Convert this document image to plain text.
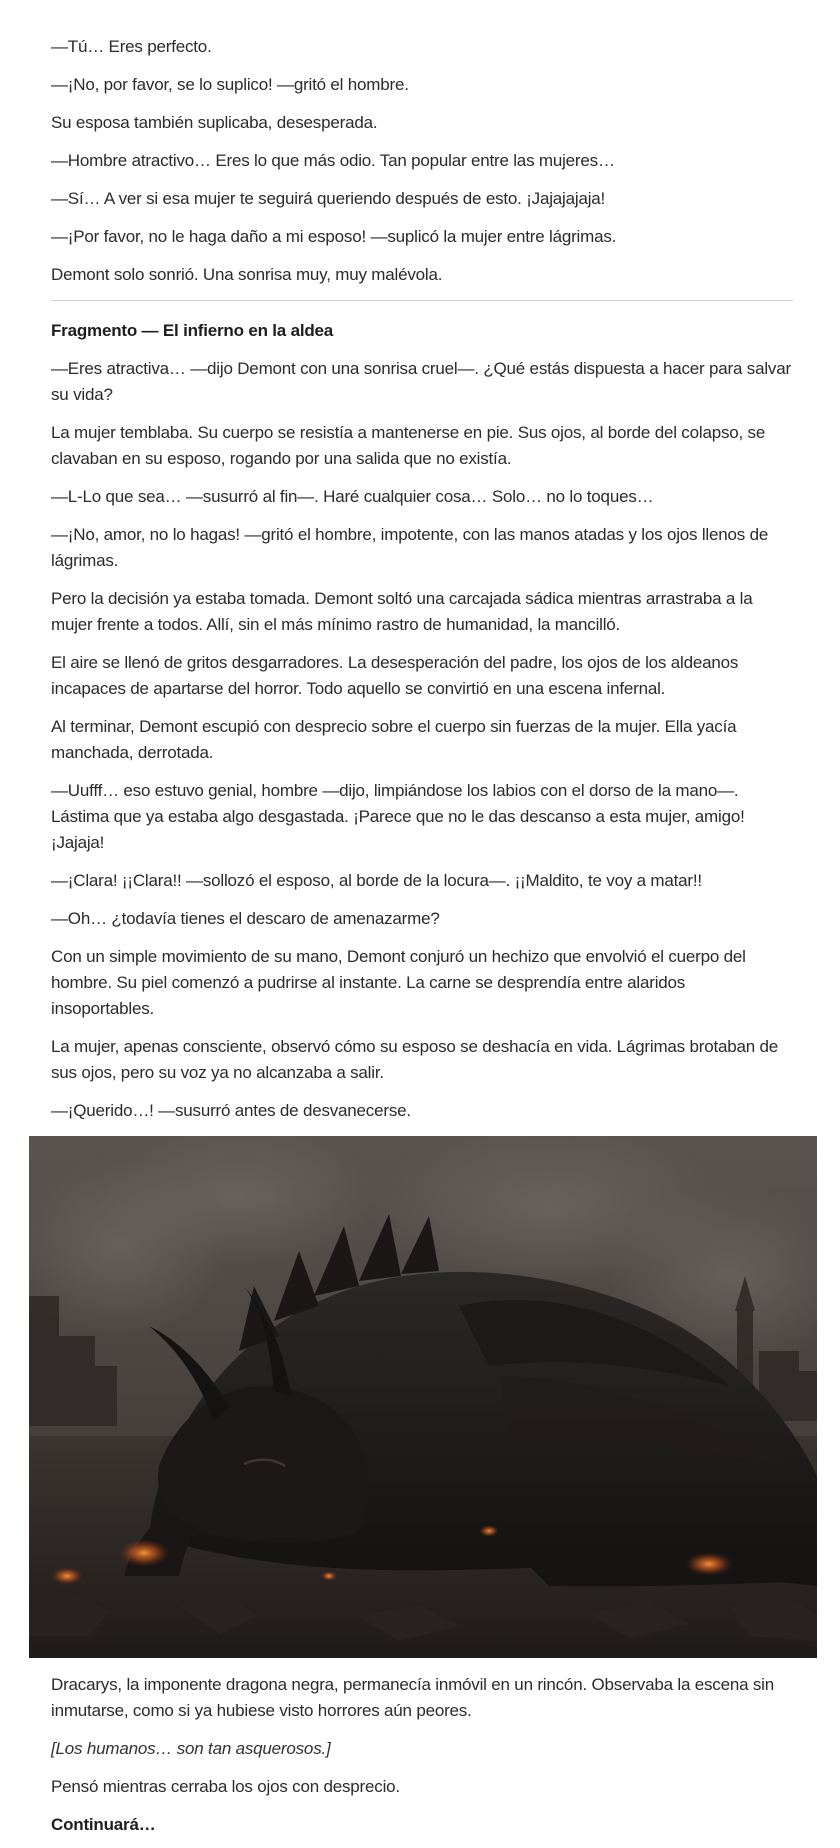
—Tú… Eres perfecto.

—¡No, por favor, se lo suplico! —gritó el hombre.

Su esposa también suplicaba, desesperada.

—Hombre atractivo… Eres lo que más odio. Tan popular entre las mujeres…

—Sí… A ver si esa mujer te seguirá queriendo después de esto. ¡Jajajajaja!

—¡Por favor, no le haga daño a mi esposo! —suplicó la mujer entre lágrimas.

Demont solo sonrió. Una sonrisa muy, muy malévola.

Fragmento — El infierno en la aldea

—Eres atractiva… —dijo Demont con una sonrisa cruel—. ¿Qué estás dispuesta a hacer para salvar su vida?

La mujer temblaba. Su cuerpo se resistía a mantenerse en pie. Sus ojos, al borde del colapso, se clavaban en su esposo, rogando por una salida que no existía.

—L-Lo que sea… —susurró al fin—. Haré cualquier cosa… Solo… no lo toques…

—¡No, amor, no lo hagas! —gritó el hombre, impotente, con las manos atadas y los ojos llenos de lágrimas.

Pero la decisión ya estaba tomada. Demont soltó una carcajada sádica mientras arrastraba a la mujer frente a todos. Allí, sin el más mínimo rastro de humanidad, la mancilló.

El aire se llenó de gritos desgarradores. La desesperación del padre, los ojos de los aldeanos incapaces de apartarse del horror. Todo aquello se convirtió en una escena infernal.

Al terminar, Demont escupió con desprecio sobre el cuerpo sin fuerzas de la mujer. Ella yacía manchada, derrotada.

—Uufff… eso estuvo genial, hombre —dijo, limpiándose los labios con el dorso de la mano—. Lástima que ya estaba algo desgastada. ¡Parece que no le das descanso a esta mujer, amigo! ¡Jajaja!

—¡Clara! ¡¡Clara!! —sollozó el esposo, al borde de la locura—. ¡¡Maldito, te voy a matar!!

—Oh… ¿todavía tienes el descaro de amenazarme?

Con un simple movimiento de su mano, Demont conjuró un hechizo que envolvió el cuerpo del hombre. Su piel comenzó a pudrirse al instante. La carne se desprendía entre alaridos insoportables.

La mujer, apenas consciente, observó cómo su esposo se deshacía en vida. Lágrimas brotaban de sus ojos, pero su voz ya no alcanzaba a salir.

—¡Querido…! —susurró antes de desvanecerse.

Dracarys, la imponente dragona negra, permanecía inmóvil en un rincón. Observaba la escena sin inmutarse, como si ya hubiese visto horrores aún peores.

[Los humanos… son tan asquerosos.]

Pensó mientras cerraba los ojos con desprecio.

Continuará…
